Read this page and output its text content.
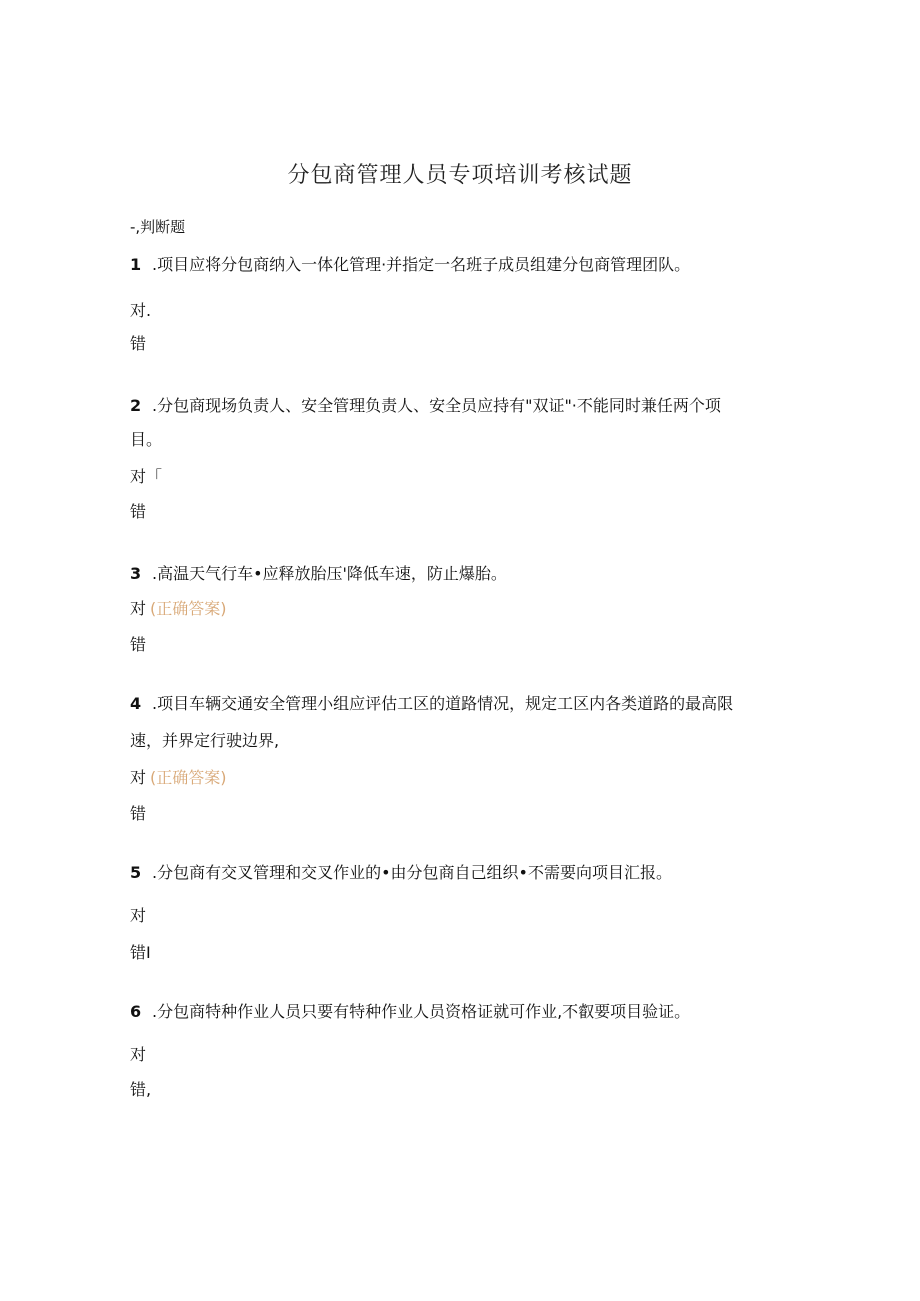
分包商管理人员专项培训考核试题
-,判断题
1 .项目应将分包商纳入一体化管理·并指定一名班子成员组建分包商管理团队。
对.
错
2 .分包商现场负责人、安全管理负责人、安全员应持有"双证"·不能同时兼任两个项
目。
对「
错
3 .高温天气行车•应释放胎压'降低车速，防止爆胎。
对 (正确答案)
错
4 .项目车辆交通安全管理小组应评估工区的道路情况，规定工区内各类道路的最高限
速，并界定行驶边界,
对 (正确答案)
错
5 .分包商有交叉管理和交叉作业的•由分包商自己组织•不需要向项目汇报。
对
错I
6 .分包商特种作业人员只要有特种作业人员资格证就可作业,不叡要项目验证。
对
错,
